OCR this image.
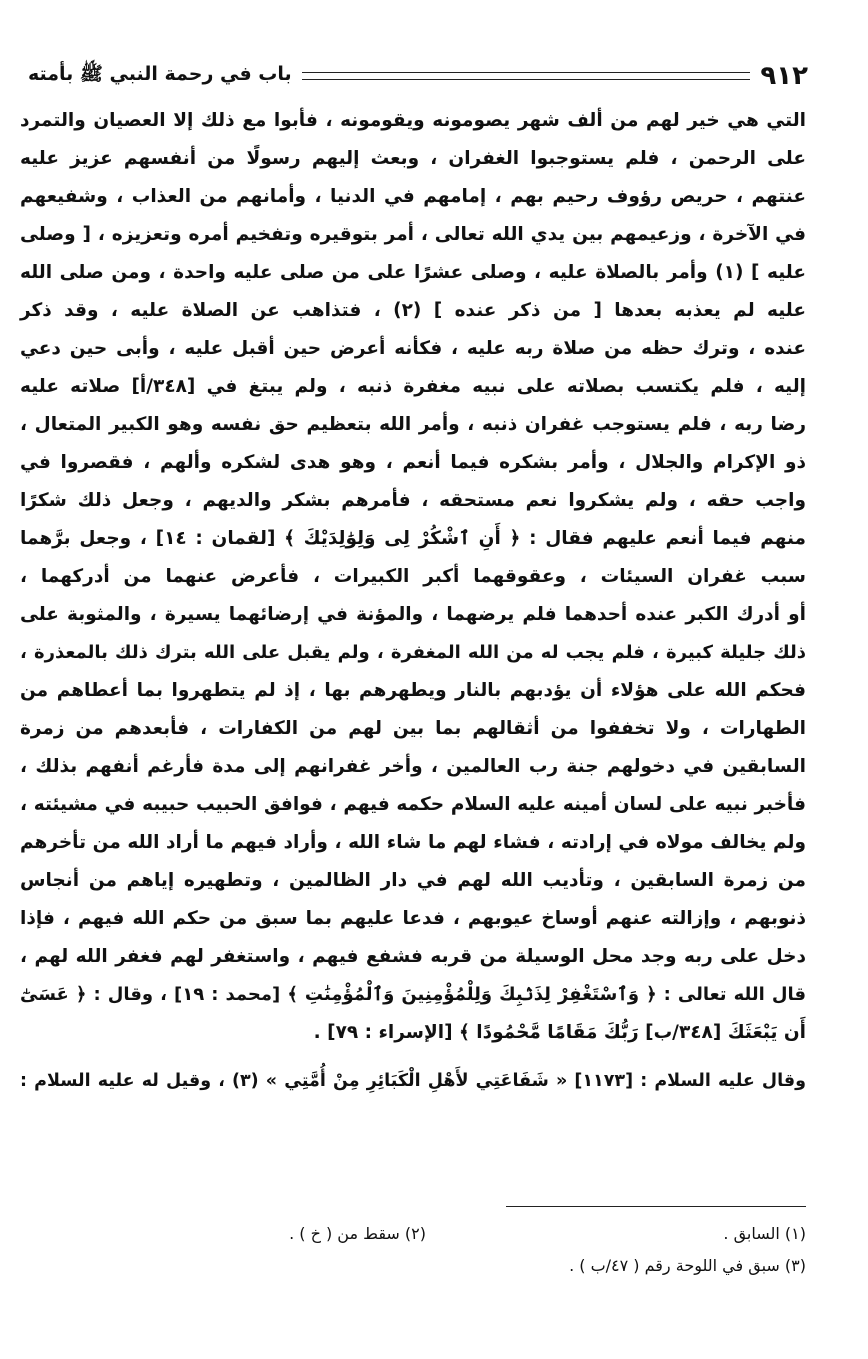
٩١٢
باب في رحمة النبي ﷺ بأمته
التي هي خير لهم من ألف شهر يصومونه ويقومونه ، فأبوا مع ذلك إلا العصيان والتمرد
على الرحمن ، فلم يستوجبوا الغفران ، وبعث إليهم رسولًا من أنفسهم عزيز عليه
عنتهم ، حريص رؤوف رحيم بهم ، إمامهم في الدنيا ، وأمانهم من العذاب ، وشفيعهم
في الآخرة ، وزعيمهم بين يدي الله تعالى ، أمر بتوقيره وتفخيم أمره وتعزيزه ، [ وصلى
عليه ] (١) وأمر بالصلاة عليه ، وصلى عشرًا على من صلى عليه واحدة ، ومن صلى الله
عليه لم يعذبه بعدها [ من ذكر عنده ] (٢) ، فتذاهب عن الصلاة عليه ، وقد ذكر
عنده ، وترك حظه من صلاة ربه عليه ، فكأنه أعرض حين أقبل عليه ، وأبى حين دعي
إليه ، فلم يكتسب بصلاته على نبيه مغفرة ذنبه ، ولم يبتغ في [٣٤٨/أ] صلاته عليه
رضا ربه ، فلم يستوجب غفران ذنبه ، وأمر الله بتعظيم حق نفسه وهو الكبير المتعال ،
ذو الإكرام والجلال ، وأمر بشكره فيما أنعم ، وهو هدى لشكره وألهم ، فقصروا في
واجب حقه ، ولم يشكروا نعم مستحقه ، فأمرهم بشكر والديهم ، وجعل ذلك شكرًا
منهم فيما أنعم عليهم فقال : ﴿ أَنِ ٱشْكُرْ لِى وَلِوَٰلِدَيْكَ ﴾ [لقمان : ١٤] ، وجعل برَّهما
سبب غفران السيئات ، وعقوقهما أكبر الكبيرات ، فأعرض عنهما من أدركهما ،
أو أدرك الكبر عنده أحدهما فلم يرضهما ، والمؤنة في إرضائهما يسيرة ، والمثوبة على
ذلك جليلة كبيرة ، فلم يجب له من الله المغفرة ، ولم يقبل على الله بترك ذلك بالمعذرة ،
فحكم الله على هؤلاء أن يؤدبهم بالنار ويطهرهم بها ، إذ لم يتطهروا بما أعطاهم من
الطهارات ، ولا تخففوا من أثقالهم بما بين لهم من الكفارات ، فأبعدهم من زمرة
السابقين في دخولهم جنة رب العالمين ، وأخر غفرانهم إلى مدة فأرغم أنفهم بذلك ،
فأخبر نبيه على لسان أمينه عليه السلام حكمه فيهم ، فوافق الحبيب حبيبه في مشيئته ،
ولم يخالف مولاه في إرادته ، فشاء لهم ما شاء الله ، وأراد فيهم ما أراد الله من تأخرهم
من زمرة السابقين ، وتأديب الله لهم في دار الظالمين ، وتطهيره إياهم من أنجاس
ذنوبهم ، وإزالته عنهم أوساخ عيوبهم ، فدعا عليهم بما سبق من حكم الله فيهم ، فإذا
دخل على ربه وجد محل الوسيلة من قربه فشفع فيهم ، واستغفر لهم فغفر الله لهم ،
قال الله تعالى : ﴿ وَٱسْتَغْفِرْ لِذَنۢبِكَ وَلِلْمُؤْمِنِينَ وَٱلْمُؤْمِنَٰتِ ﴾ [محمد : ١٩] ، وقال : ﴿ عَسَىٰٓ
أَن يَبْعَثَكَ [٣٤٨/ب] رَبُّكَ مَقَامًا مَّحْمُودًا ﴾ [الإسراء : ٧٩] .
وقال عليه السلام : [١١٧٣] « شَفَاعَتِي لأَهْلِ الْكَبَائِرِ مِنْ أُمَّتِي » (٣) ، وقيل له عليه السلام :
(١) السابق .
(٢) سقط من ( خ ) .
(٣) سبق في اللوحة رقم ( ٤٧/ب ) .
